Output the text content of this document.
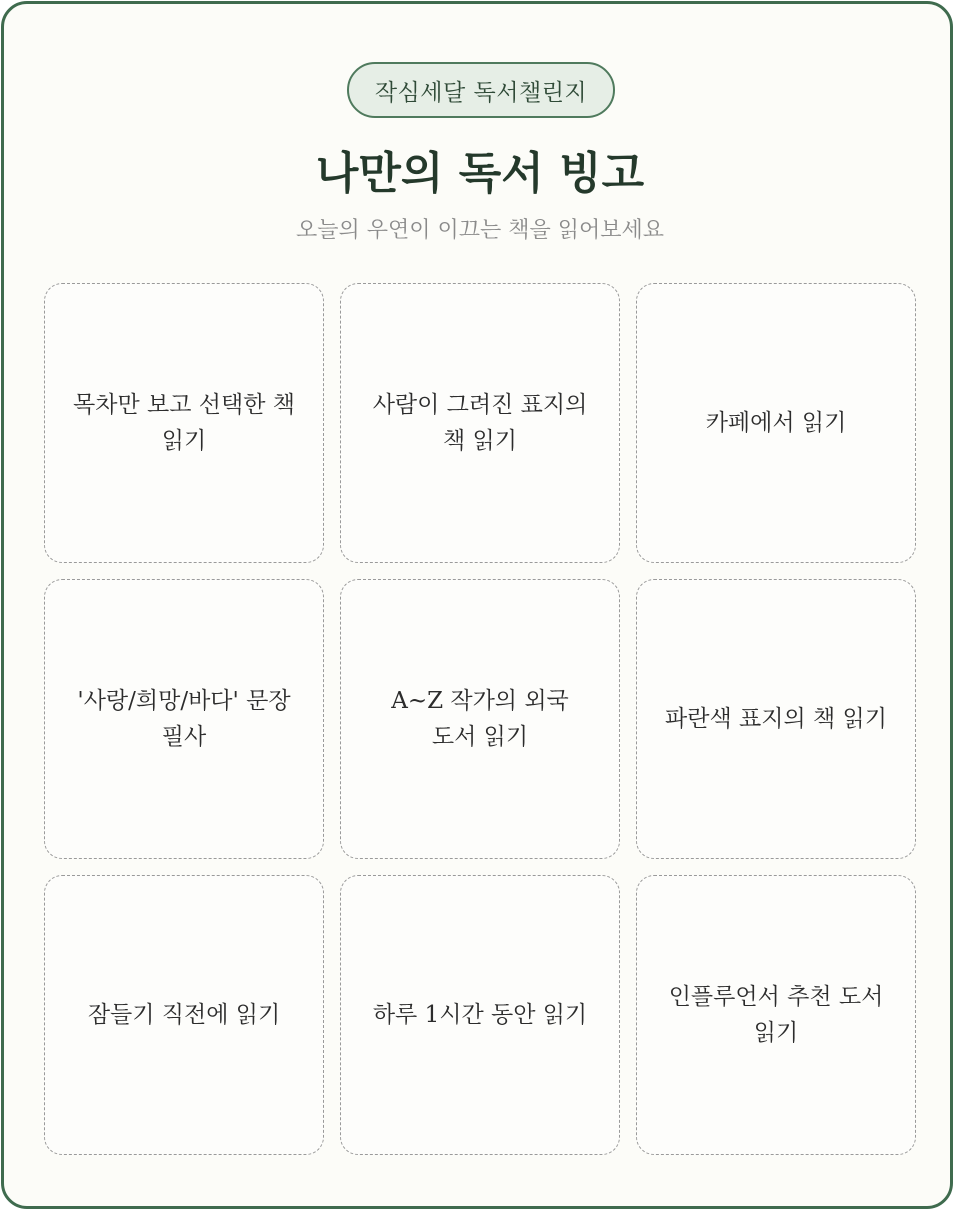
작심세달 독서챌린지
나만의 독서 빙고
오늘의 우연이 이끄는 책을 읽어보세요
목차만 보고 선택한 책 읽기
사람이 그려진 표지의 책 읽기
카페에서 읽기
'사랑/희망/바다' 문장 필사
A~Z 작가의 외국 도서 읽기
파란색 표지의 책 읽기
잠들기 직전에 읽기	하루 1시간 동안 읽기
인플루언서 추천 도서 읽기
